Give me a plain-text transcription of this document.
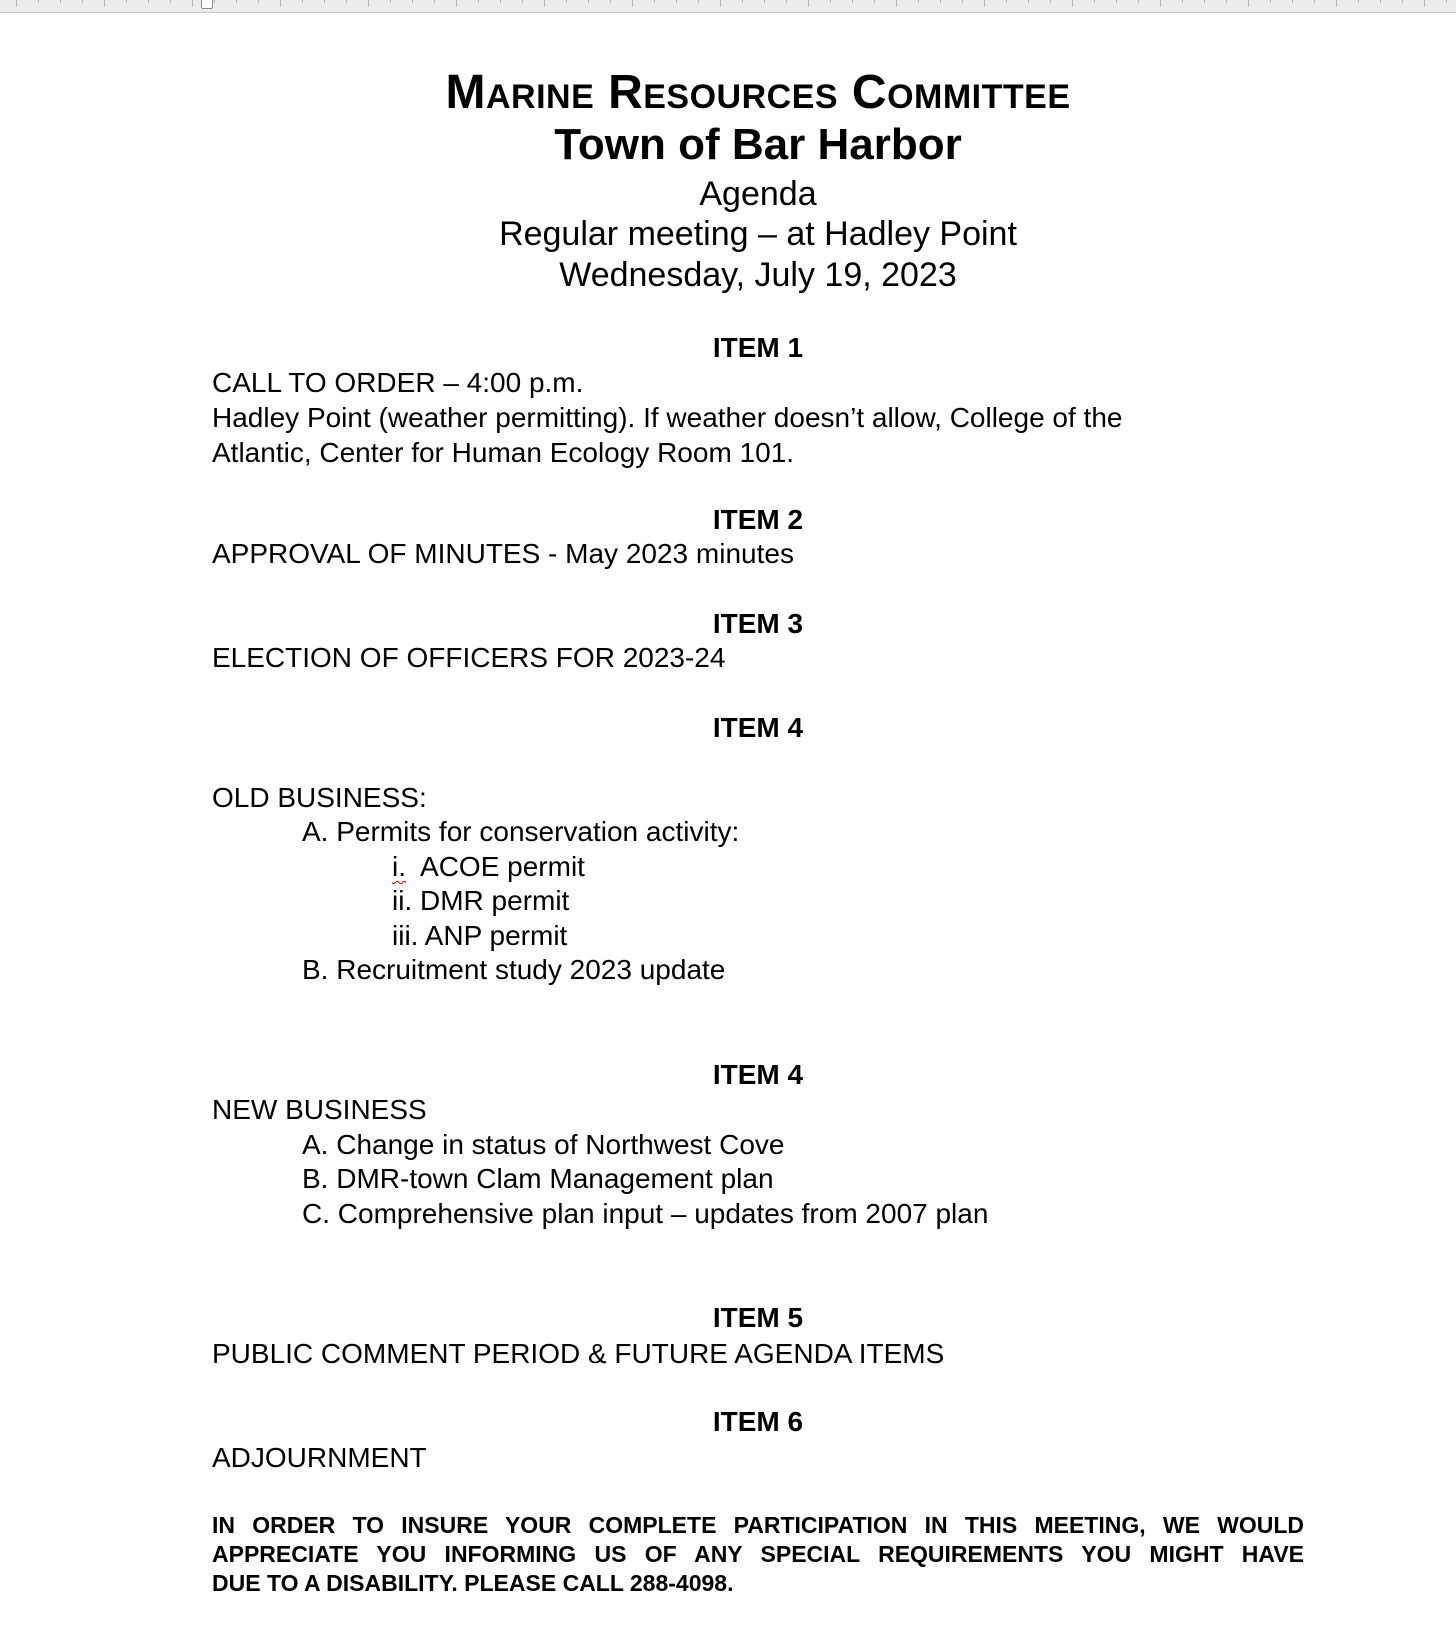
Marine Resources Committee
Town of Bar Harbor
Agenda
Regular meeting – at Hadley Point
Wednesday, July 19, 2023
ITEM 1
CALL TO ORDER – 4:00 p.m.
Hadley Point (weather permitting). If weather doesn’t allow, College of the
Atlantic, Center for Human Ecology Room 101.
ITEM 2
APPROVAL OF MINUTES - May 2023 minutes
ITEM 3
ELECTION OF OFFICERS FOR 2023-24
ITEM 4
OLD BUSINESS:
A. Permits for conservation activity:
i.  ACOE permit
ii. DMR permit
iii. ANP permit
B. Recruitment study 2023 update
ITEM 4
NEW BUSINESS
A. Change in status of Northwest Cove
B. DMR-town Clam Management plan
C. Comprehensive plan input – updates from 2007 plan
ITEM 5
PUBLIC COMMENT PERIOD & FUTURE AGENDA ITEMS
ITEM 6
ADJOURNMENT
IN ORDER TO INSURE YOUR COMPLETE PARTICIPATION IN THIS MEETING, WE WOULD
APPRECIATE YOU INFORMING US OF ANY SPECIAL REQUIREMENTS YOU MIGHT HAVE
DUE TO A DISABILITY. PLEASE CALL 288-4098.
